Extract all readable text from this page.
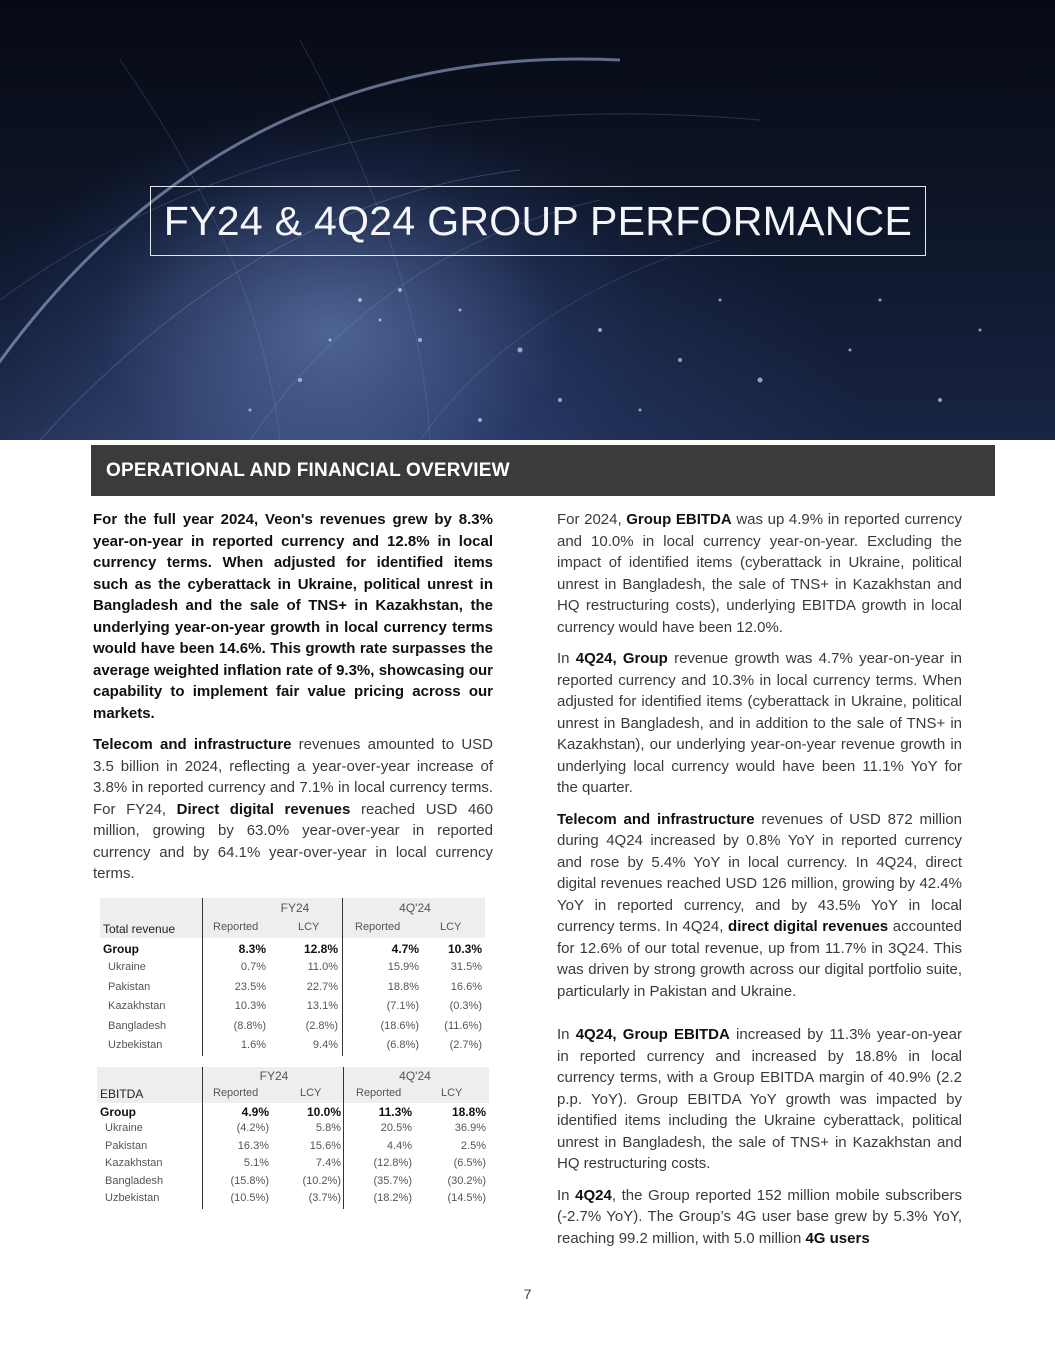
FY24 & 4Q24 GROUP PERFORMANCE
OPERATIONAL AND FINANCIAL OVERVIEW

For the full year 2024, Veon's revenues grew by 8.3% year-on-year in reported currency and 12.8% in local currency terms. When adjusted for identified items such as the cyberattack in Ukraine, political unrest in Bangladesh and the sale of TNS+ in Kazakhstan, the underlying year-on-year growth in local currency terms would have been 14.6%. This growth rate surpasses the average weighted inflation rate of 9.3%, showcasing our capability to implement fair value pricing across our markets.

Telecom and infrastructure revenues amounted to USD 3.5 billion in 2024, reflecting a year-over-year increase of 3.8% in reported currency and 7.1% in local currency terms. For FY24, Direct digital revenues reached USD 460 million, growing by 63.0% year-over-year in reported currency and by 64.1% year-over-year in local currency terms.

FY24	4Q'24
Total revenue	Reported	LCY	Reported	LCY
Group	8.3%	12.8%	4.7%	10.3%
Ukraine	0.7%	11.0%	15.9%	31.5%
Pakistan	23.5%	22.7%	18.8%	16.6%
Kazakhstan	10.3%	13.1%	(7.1%)	(0.3%)
Bangladesh	(8.8%)	(2.8%)	(18.6%)	(11.6%)
Uzbekistan	1.6%	9.4%	(6.8%)	(2.7%)
FY24	4Q'24
EBITDA	Reported	LCY	Reported	LCY
Group	4.9%	10.0%	11.3%	18.8%
Ukraine	(4.2%)	5.8%	20.5%	36.9%
Pakistan	16.3%	15.6%	4.4%	2.5%
Kazakhstan	5.1%	7.4%	(12.8%)	(6.5%)
Bangladesh	(15.8%)	(10.2%)	(35.7%)	(30.2%)
Uzbekistan	(10.5%)	(3.7%)	(18.2%)	(14.5%)

For 2024, Group EBITDA was up 4.9% in reported currency and 10.0% in local currency year-on-year. Excluding the impact of identified items (cyberattack in Ukraine, political unrest in Bangladesh, the sale of TNS+ in Kazakhstan and HQ restructuring costs), underlying EBITDA growth in local currency would have been 12.0%.

In 4Q24, Group revenue growth was 4.7% year-on-year in reported currency and 10.3% in local currency terms. When adjusted for identified items (cyberattack in Ukraine, political unrest in Bangladesh, and in addition to the sale of TNS+ in Kazakhstan), our underlying year-on-year revenue growth in underlying local currency would have been 11.1% YoY for the quarter.

Telecom and infrastructure revenues of USD 872 million during 4Q24 increased by 0.8% YoY in reported currency and rose by 5.4% YoY in local currency. In 4Q24, direct digital revenues reached USD 126 million, growing by 42.4% YoY in reported currency, and by 43.5% YoY in local currency terms. In 4Q24, direct digital revenues accounted for 12.6% of our total revenue, up from 11.7% in 3Q24. This was driven by strong growth across our digital portfolio suite, particularly in Pakistan and Ukraine.

In 4Q24, Group EBITDA increased by 11.3% year-on-year in reported currency and increased by 18.8% in local currency terms, with a Group EBITDA margin of 40.9% (2.2 p.p. YoY). Group EBITDA YoY growth was impacted by identified items including the Ukraine cyberattack, political unrest in Bangladesh, the sale of TNS+ in Kazakhstan and HQ restructuring costs.

In 4Q24, the Group reported 152 million mobile subscribers (-2.7% YoY). The Group’s 4G user base grew by 5.3% YoY, reaching 99.2 million, with 5.0 million 4G users

7
